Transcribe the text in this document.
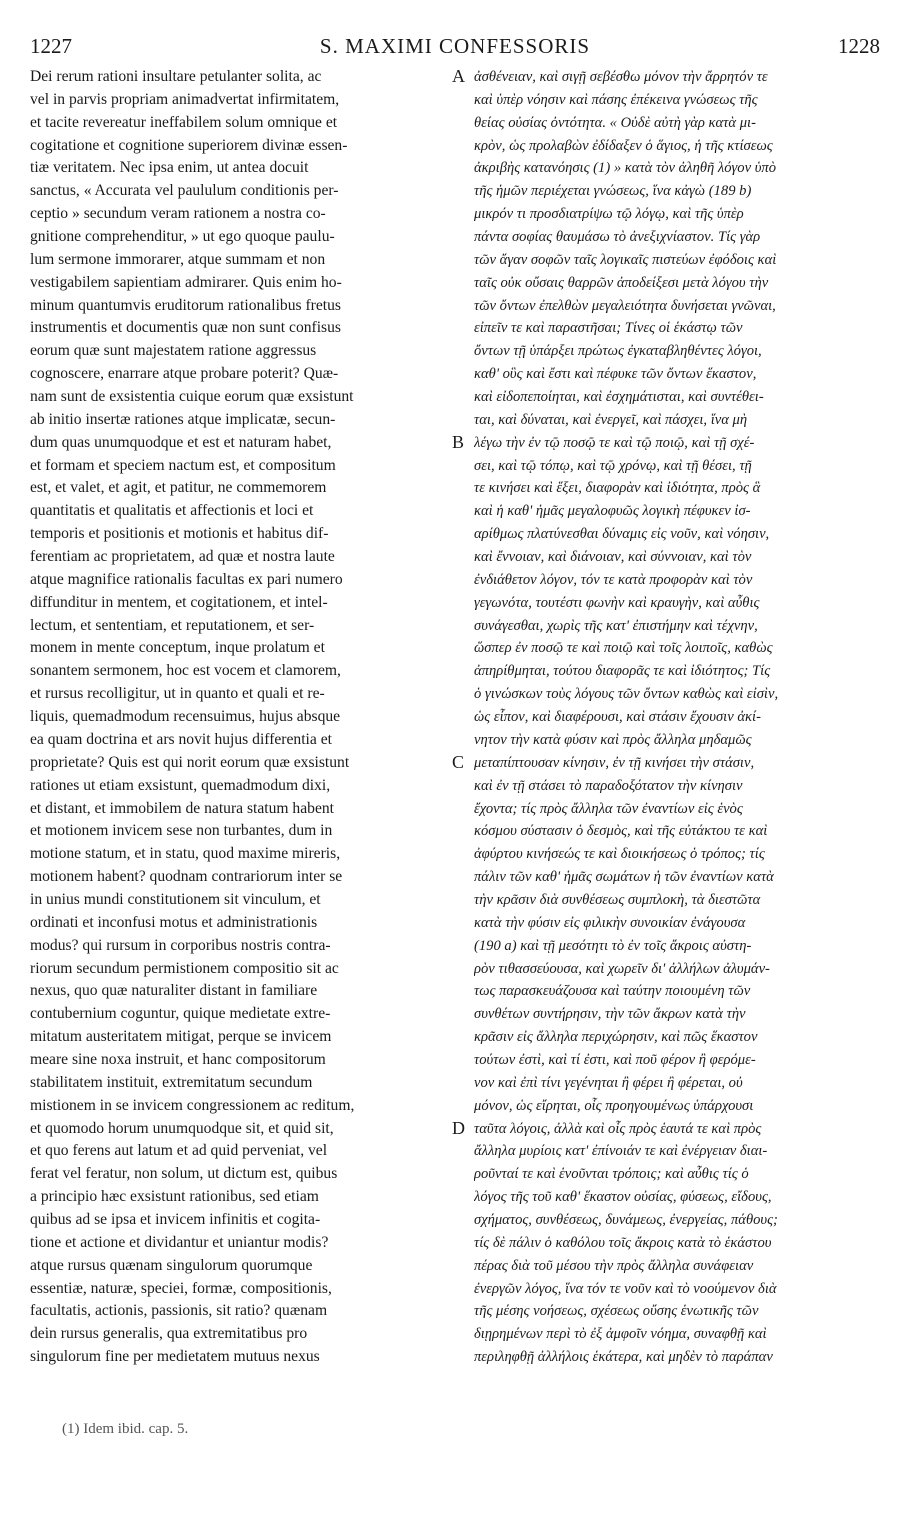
1227	S. MAXIMI CONFESSORIS	1228
Dei rerum rationi insultare petulanter solita, ac
vel in parvis propriam animadvertat infirmitatem,
et tacite revereatur ineffabilem solum omnique et
cogitatione et cognitione superiorem divinæ essen-
tiæ veritatem. Nec ipsa enim, ut antea docuit
sanctus, « Accurata vel paululum conditionis per-
ceptio » secundum veram rationem a nostra co-
gnitione comprehenditur, » ut ego quoque paulu-
lum sermone immorarer, atque summam et non
vestigabilem sapientiam admirarer. Quis enim ho-
minum quantumvis eruditorum rationalibus fretus
instrumentis et documentis quæ non sunt confisus
eorum quæ sunt majestatem ratione aggressus
cognoscere, enarrare atque probare poterit? Quæ-
nam sunt de exsistentia cuique eorum quæ exsistunt
ab initio insertæ rationes atque implicatæ, secun-
dum quas unumquodque et est et naturam habet,
et formam et speciem nactum est, et compositum
est, et valet, et agit, et patitur, ne commemorem
quantitatis et qualitatis et affectionis et loci et
temporis et positionis et motionis et habitus dif-
ferentiam ac proprietatem, ad quæ et nostra laute
atque magnifice rationalis facultas ex pari numero
diffunditur in mentem, et cogitationem, et intel-
lectum, et sententiam, et reputationem, et ser-
monem in mente conceptum, inque prolatum et
sonantem sermonem, hoc est vocem et clamorem,
et rursus recolligitur, ut in quanto et quali et re-
liquis, quemadmodum recensuimus, hujus absque
ea quam doctrina et ars novit hujus differentia et
proprietate? Quis est qui norit eorum quæ exsistunt
rationes ut etiam exsistunt, quemadmodum dixi,
et distant, et immobilem de natura statum habent
et motionem invicem sese non turbantes, dum in
motione statum, et in statu, quod maxime mireris,
motionem habent? quodnam contrariorum inter se
in unius mundi constitutionem sit vinculum, et
ordinati et inconfusi motus et administrationis
modus? qui rursum in corporibus nostris contra-
riorum secundum permistionem compositio sit ac
nexus, quo quæ naturaliter distant in familiare
contubernium coguntur, quique medietate extre-
mitatum austeritatem mitigat, perque se invicem
meare sine noxa instruit, et hanc compositorum
stabilitatem instituit, extremitatum secundum
mistionem in se invicem congressionem ac reditum,
et quomodo horum unumquodque sit, et quid sit,
et quo ferens aut latum et ad quid perveniat, vel
ferat vel feratur, non solum, ut dictum est, quibus
a principio hæc exsistunt rationibus, sed etiam
quibus ad se ipsa et invicem infinitis et cogita-
tione et actione et dividantur et uniantur modis?
atque rursus quænam singulorum quorumque
essentiæ, naturæ, speciei, formæ, compositionis,
facultatis, actionis, passionis, sit ratio? quænam
dein rursus generalis, qua extremitatibus pro
singulorum fine per medietatem mutuus nexus
ἀσθένειαν, καὶ σιγῇ σεβέσθω μόνον τὴν ἄρρητόν τε
καὶ ὑπὲρ νόησιν καὶ πάσης ἐπέκεινα γνώσεως τῆς
θείας οὐσίας ὀντότητα. « Οὐδὲ αὐτὴ γὰρ κατὰ μι-
κρὸν, ὡς προλαβὼν ἐδίδαξεν ὁ ἅγιος, ἡ τῆς κτίσεως
ἀκριβὴς κατανόησις (1) » κατὰ τὸν ἀληθῆ λόγον ὑπὸ
τῆς ἡμῶν περιέχεται γνώσεως, ἵνα κἀγὼ (189 b)
μικρόν τι προσδιατρίψω τῷ λόγῳ, καὶ τῆς ὑπὲρ
πάντα σοφίας θαυμάσω τὸ ἀνεξιχνίαστον. Τίς γὰρ
τῶν ἄγαν σοφῶν ταῖς λογικαῖς πιστεύων ἐφόδοις καὶ
ταῖς οὐκ οὔσαις θαρρῶν ἀποδείξεσι μετὰ λόγου τὴν
τῶν ὄντων ἐπελθὼν μεγαλειότητα δυνήσεται γνῶναι,
εἰπεῖν τε καὶ παραστῆσαι; Τίνες οἱ ἑκάστῳ τῶν
ὄντων τῇ ὑπάρξει πρώτως ἐγκαταβληθέντες λόγοι,
καθ' οὓς καὶ ἔστι καὶ πέφυκε τῶν ὄντων ἕκαστον,
καὶ εἰδοπεποίηται, καὶ ἐσχημάτισται, καὶ συντέθει-
ται, καὶ δύναται, καὶ ἐνεργεῖ, καὶ πάσχει, ἵνα μὴ
λέγω τὴν ἐν τῷ ποσῷ τε καὶ τῷ ποιῷ, καὶ τῇ σχέ-
σει, καὶ τῷ τόπῳ, καὶ τῷ χρόνῳ, καὶ τῇ θέσει, τῇ
τε κινήσει καὶ ἕξει, διαφορὰν καὶ ἰδιότητα, πρὸς ἃ
καὶ ἡ καθ' ἡμᾶς μεγαλοφυῶς λογικὴ πέφυκεν ἰσ-
αρίθμως πλατύνεσθαι δύναμις εἰς νοῦν, καὶ νόησιν,
καὶ ἔννοιαν, καὶ διάνοιαν, καὶ σύννοιαν, καὶ τὸν
ἐνδιάθετον λόγον, τόν τε κατὰ προφορὰν καὶ τὸν
γεγωνότα, τουτέστι φωνὴν καὶ κραυγὴν, καὶ αὖθις
συνάγεσθαι, χωρὶς τῆς κατ' ἐπιστήμην καὶ τέχνην,
ὥσπερ ἐν ποσῷ τε καὶ ποιῷ καὶ τοῖς λοιποῖς, καθὼς
ἀπηρίθμηται, τούτου διαφορᾶς τε καὶ ἰδιότητος; Τίς
ὁ γινώσκων τοὺς λόγους τῶν ὄντων καθὼς καὶ εἰσὶν,
ὡς εἶπον, καὶ διαφέρουσι, καὶ στάσιν ἔχουσιν ἀκί-
νητον τὴν κατὰ φύσιν καὶ πρὸς ἄλληλα μηδαμῶς
μεταπίπτουσαν κίνησιν, ἐν τῇ κινήσει τὴν στάσιν,
καὶ ἐν τῇ στάσει τὸ παραδοξότατον τὴν κίνησιν
ἔχοντα; τίς πρὸς ἄλληλα τῶν ἐναντίων εἰς ἑνὸς
κόσμου σύστασιν ὁ δεσμὸς, καὶ τῆς εὐτάκτου τε καὶ
ἀφύρτου κινήσεώς τε καὶ διοικήσεως ὁ τρόπος; τίς
πάλιν τῶν καθ' ἡμᾶς σωμάτων ἡ τῶν ἐναντίων κατὰ
τὴν κρᾶσιν διὰ συνθέσεως συμπλοκὴ, τὰ διεστῶτα
κατὰ τὴν φύσιν εἰς φιλικὴν συνοικίαν ἐνάγουσα
(190 a) καὶ τῇ μεσότητι τὸ ἐν τοῖς ἄκροις αὐστη-
ρὸν τιθασσεύουσα, καὶ χωρεῖν δι' ἀλλήλων ἀλυμάν-
τως παρασκευάζουσα καὶ ταύτην ποιουμένη τῶν
συνθέτων συντήρησιν, τὴν τῶν ἄκρων κατὰ τὴν
κρᾶσιν εἰς ἄλληλα περιχώρησιν, καὶ πῶς ἕκαστον
τούτων ἐστὶ, καὶ τί ἐστι, καὶ ποῦ φέρον ἢ φερόμε-
νον καὶ ἐπὶ τίνι γεγένηται ἢ φέρει ἢ φέρεται, οὐ
μόνον, ὡς εἴρηται, οἷς προηγουμένως ὑπάρχουσι
ταῦτα λόγοις, ἀλλὰ καὶ οἷς πρὸς ἑαυτά τε καὶ πρὸς
ἄλληλα μυρίοις κατ' ἐπίνοιάν τε καὶ ἐνέργειαν διαι-
ροῦνταί τε καὶ ἑνοῦνται τρόποις; καὶ αὖθις τίς ὁ
λόγος τῆς τοῦ καθ' ἕκαστον οὐσίας, φύσεως, εἴδους,
σχήματος, συνθέσεως, δυνάμεως, ἐνεργείας, πάθους;
τίς δὲ πάλιν ὁ καθόλου τοῖς ἄκροις κατὰ τὸ ἑκάστου
πέρας διὰ τοῦ μέσου τὴν πρὸς ἄλληλα συνάφειαν
ἐνεργῶν λόγος, ἵνα τόν τε νοῦν καὶ τὸ νοούμενον διὰ
τῆς μέσης νοήσεως, σχέσεως οὔσης ἑνωτικῆς τῶν
διῃρημένων περὶ τὸ ἐξ ἀμφοῖν νόημα, συναφθῇ καὶ
περιληφθῇ ἀλλήλοις ἑκάτερα, καὶ μηδὲν τὸ παράπαν
A
B
C
D
(1) Idem ibid. cap. 5.
